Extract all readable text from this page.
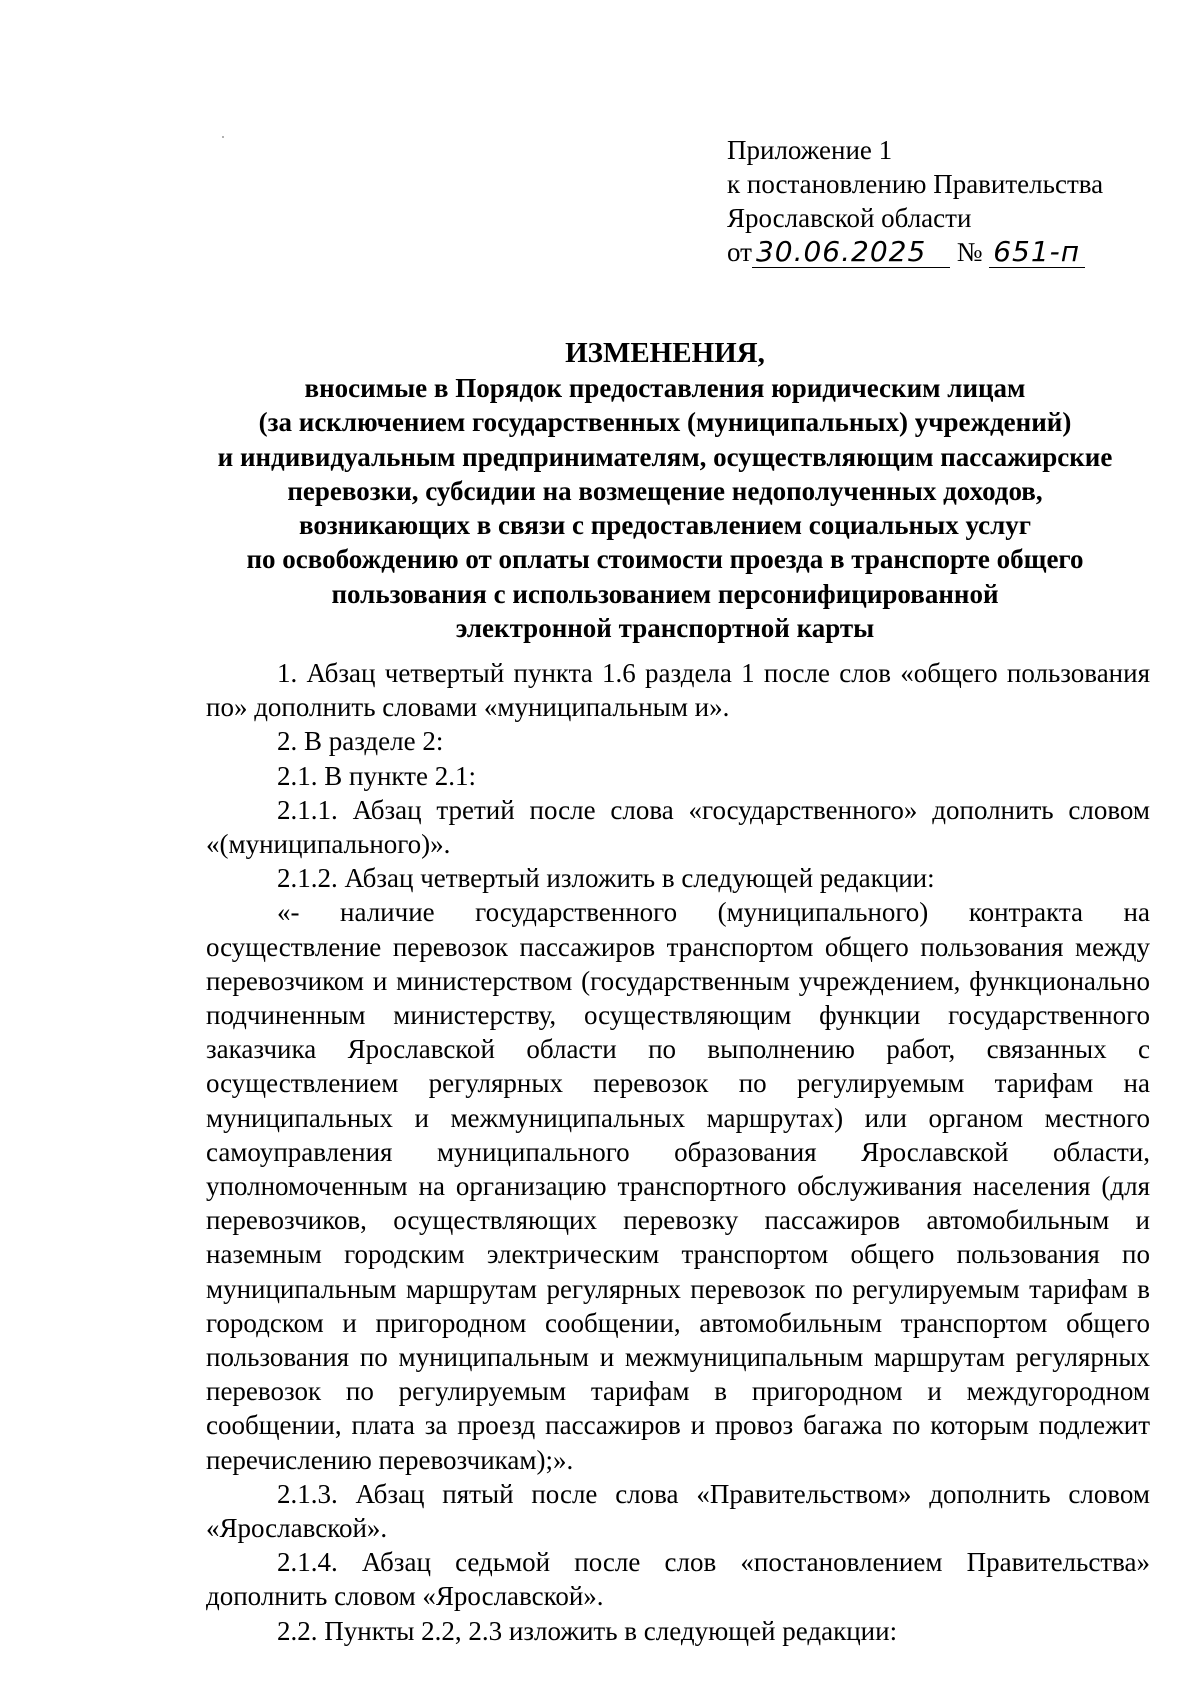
Приложение 1
к постановлению Правительства
Ярославской области
от 30.06.2025 № 651-п
ИЗМЕНЕНИЯ,
вносимые в Порядок предоставления юридическим лицам
(за исключением государственных (муниципальных) учреждений)
и индивидуальным предпринимателям, осуществляющим пассажирские
перевозки, субсидии на возмещение недополученных доходов,
возникающих в связи с предоставлением социальных услуг
по освобождению от оплаты стоимости проезда в транспорте общего
пользования с использованием персонифицированной
электронной транспортной карты

1. Абзац четвертый пункта 1.6 раздела 1 после слов «общего пользования по» дополнить словами «муниципальным и».

2. В разделе 2:

2.1. В пункте 2.1:

2.1.1. Абзац третий после слова «государственного» дополнить словом «(муниципального)».

2.1.2. Абзац четвертый изложить в следующей редакции:

«- наличие государственного (муниципального) контракта на осуществление перевозок пассажиров транспортом общего пользования между перевозчиком и министерством (государственным учреждением, функционально подчиненным министерству, осуществляющим функции государственного заказчика Ярославской области по выполнению работ, связанных с осуществлением регулярных перевозок по регулируемым тарифам на муниципальных и межмуниципальных маршрутах) или органом местного самоуправления муниципального образования Ярославской области, уполномоченным на организацию транспортного обслуживания населения (для перевозчиков, осуществляющих перевозку пассажиров автомобильным и наземным городским электрическим транспортом общего пользования по муниципальным маршрутам регулярных перевозок по регулируемым тарифам в городском и пригородном сообщении, автомобильным транспортом общего пользования по муниципальным и межмуниципальным маршрутам регулярных перевозок по регулируемым тарифам в пригородном и междугородном сообщении, плата за проезд пассажиров и провоз багажа по которым подлежит перечислению перевозчикам);».

2.1.3. Абзац пятый после слова «Правительством» дополнить словом «Ярославской».

2.1.4. Абзац седьмой после слов «постановлением Правительства» дополнить словом «Ярославской».

2.2. Пункты 2.2, 2.3 изложить в следующей редакции:
